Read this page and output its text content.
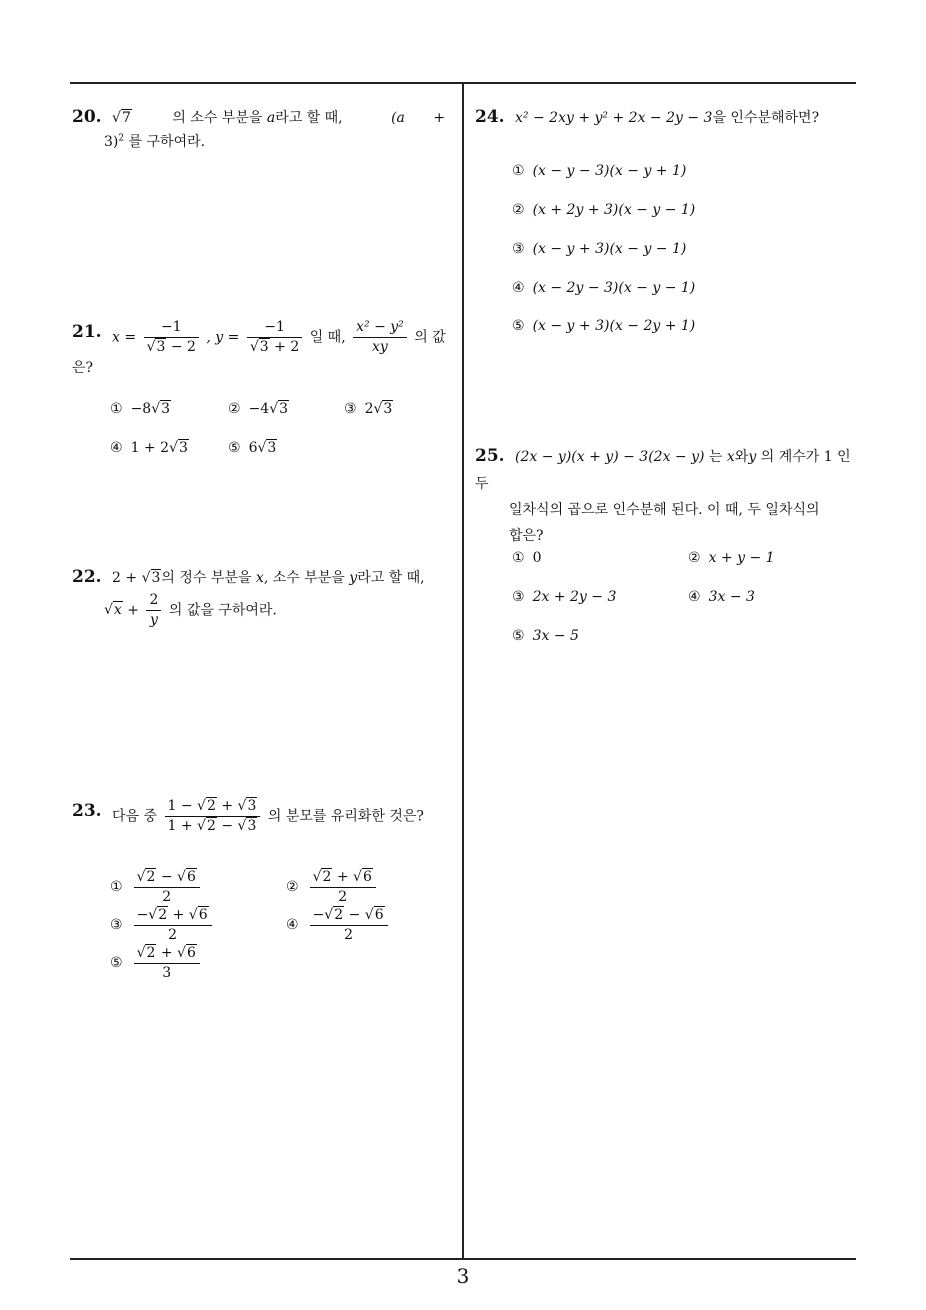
20. √7	의 소수 부분을 a라고 할 때,	(a +
3)$^2$ 를 구하여라.
21. $x = \frac{-1}{√3 - 2}$ , $y = \frac{-1}{√3 + 2}$ 일 때, $\frac{\text{x² − y²}}{xy}$ 의 값은?
① −8√3	② −4√3	③ 2√3
④ 1 + 2√3	⑤ 6√3
22. 2 + √3의 정수 부분을 x, 소수 부분을 y라고 할 때,
$√x + \frac{2}{y}$ 의 값을 구하여라.
23. 다음 중 $\frac{1 - √2 + √3}{1 + √2 - √3}$ 의 분모를 유리화한 것은?
① $\frac{√2 - √6}{2}$	② $\frac{√2 + √6}{2}$
③ $\frac{-√2 + √6}{2}$	④ $\frac{-√2 - √6}{2}$
⑤ $\frac{√2 + √6}{3}$
24. x² − 2xy + y² + 2x − 2y − 3을 인수분해하면?
① (x − y − 3)(x − y + 1)
② (x + 2y + 3)(x − y − 1)
③ (x − y + 3)(x − y − 1)
④ (x − 2y − 3)(x − y − 1)
⑤ (x − y + 3)(x − 2y + 1)
25. (2x − y)(x + y) − 3(2x − y) 는 x와y 의 계수가 1 인 두
일차식의 곱으로 인수분해 된다. 이 때, 두 일차식의
합은?
① 0	② x + y − 1
③ 2x + 2y − 3	④ 3x − 3
⑤ 3x − 5
3
